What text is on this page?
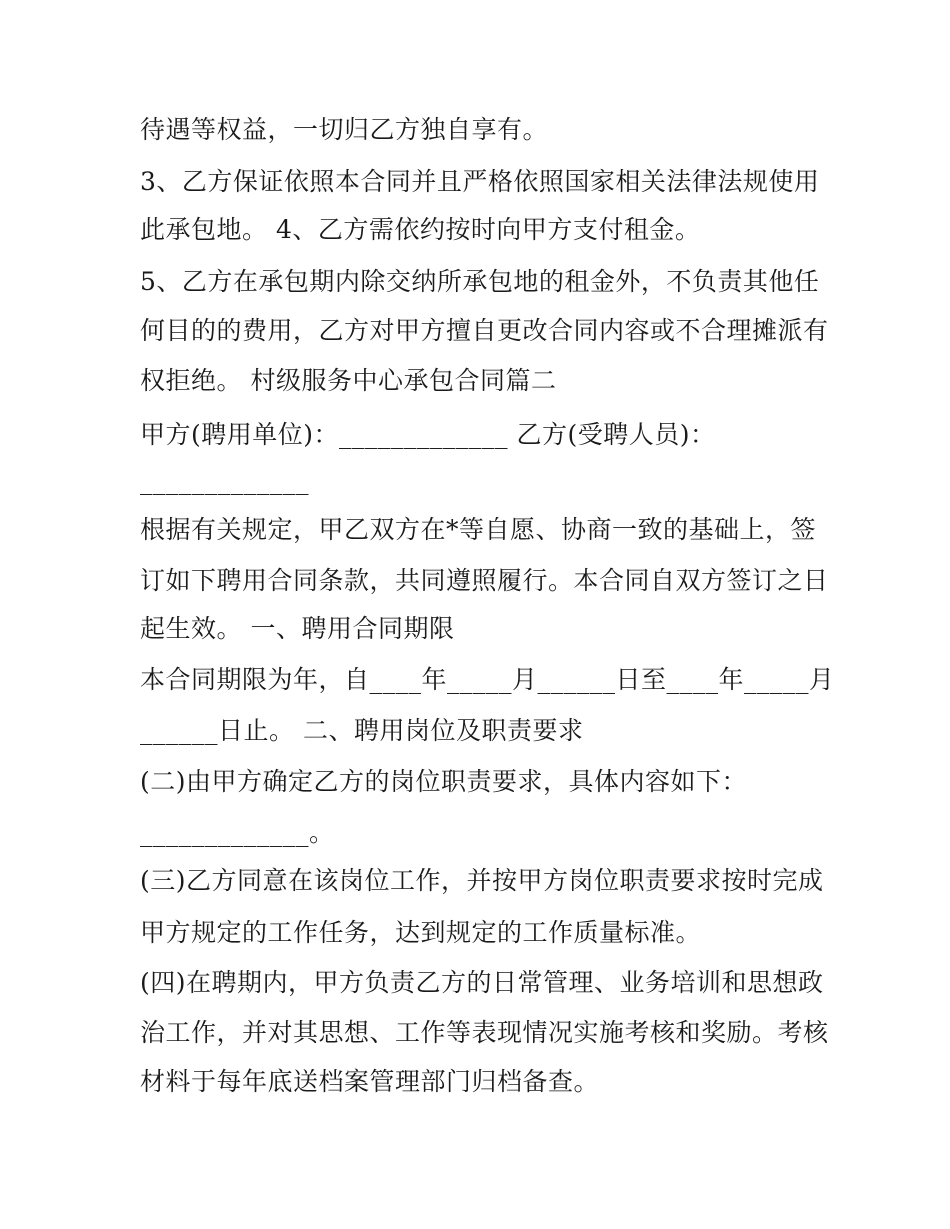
待遇等权益，一切归乙方独自享有。
3、乙方保证依照本合同并且严格依照国家相关法律法规使用
此承包地。 4、乙方需依约按时向甲方支付租金。
5、乙方在承包期内除交纳所承包地的租金外，不负责其他任
何目的的费用，乙方对甲方擅自更改合同内容或不合理摊派有
权拒绝。 村级服务中心承包合同篇二
甲方(聘用单位)：_____________ 乙方(受聘人员)：
_____________
根据有关规定，甲乙双方在*等自愿、协商一致的基础上，签
订如下聘用合同条款，共同遵照履行。本合同自双方签订之日
起生效。 一、聘用合同期限
本合同期限为年，自____年_____月______日至____年_____月
______日止。 二、聘用岗位及职责要求
(二)由甲方确定乙方的岗位职责要求，具体内容如下：
_____________。
(三)乙方同意在该岗位工作，并按甲方岗位职责要求按时完成
甲方规定的工作任务，达到规定的工作质量标准。
(四)在聘期内，甲方负责乙方的日常管理、业务培训和思想政
治工作，并对其思想、工作等表现情况实施考核和奖励。考核
材料于每年底送档案管理部门归档备查。
